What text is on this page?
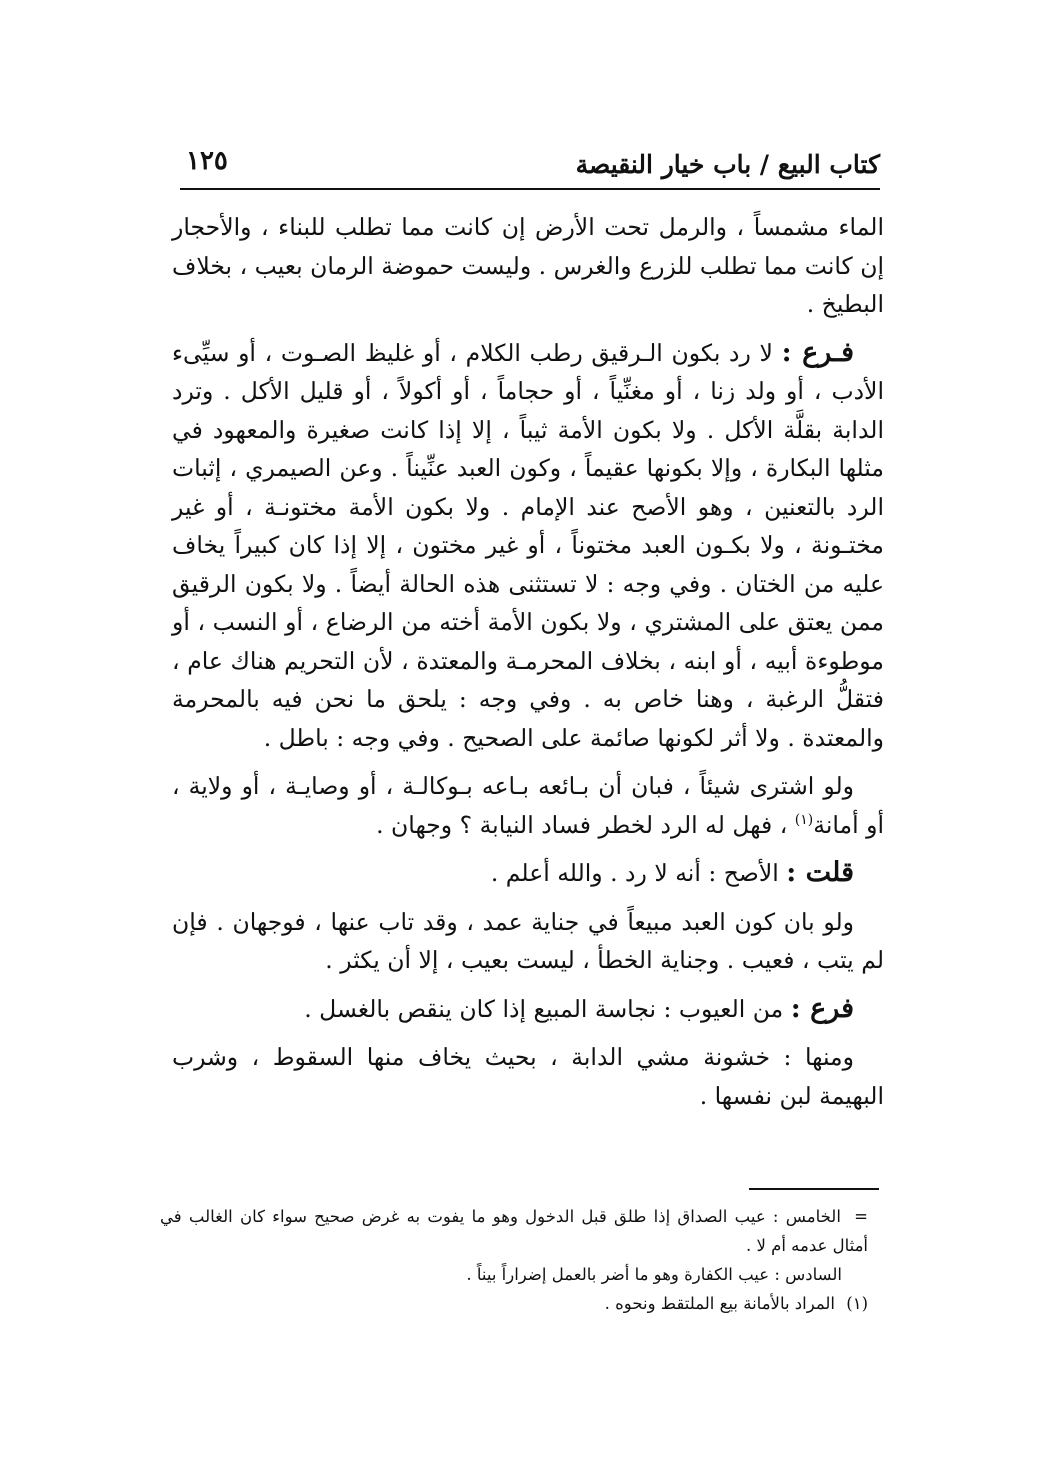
كتاب البيع / باب خيار النقيصة
١٢٥

الماء مشمساً ، والرمل تحت الأرض إن كانت مما تطلب للبناء ، والأحجار إن كانت مما تطلب للزرع والغرس . وليست حموضة الرمان بعيب ، بخلاف البطيخ .

فـرع : لا رد بكون الـرقيق رطب الكلام ، أو غليظ الصـوت ، أو سيِّىء الأدب ، أو ولد زنا ، أو مغنِّياً ، أو حجاماً ، أو أكولاً ، أو قليل الأكل . وترد الدابة بقلَّة الأكل . ولا بكون الأمة ثيباً ، إلا إذا كانت صغيرة والمعهود في مثلها البكارة ، وإلا بكونها عقيماً ، وكون العبد عنِّيناً . وعن الصيمري ، إثبات الرد بالتعنين ، وهو الأصح عند الإمام . ولا بكون الأمة مختونـة ، أو غير مختـونة ، ولا بكـون العبد مختوناً ، أو غير مختون ، إلا إذا كان كبيراً يخاف عليه من الختان . وفي وجه : لا تستثنى هذه الحالة أيضاً . ولا بكون الرقيق ممن يعتق على المشتري ، ولا بكون الأمة أخته من الرضاع ، أو النسب ، أو موطوءة أبيه ، أو ابنه ، بخلاف المحرمـة والمعتدة ، لأن التحريم هناك عام ، فتقلُّ الرغبة ، وهنا خاص به . وفي وجه : يلحق ما نحن فيه بالمحرمة والمعتدة . ولا أثر لكونها صائمة على الصحيح . وفي وجه : باطل .

ولو اشترى شيئاً ، فبان أن بـائعه بـاعه بـوكالـة ، أو وصايـة ، أو ولاية ، أو أمانة$^{(١)}$ ، فهل له الرد لخطر فساد النيابة ؟ وجهان .

قلت : الأصح : أنه لا رد . والله أعلم .

ولو بان كون العبد مبيعاً في جناية عمد ، وقد تاب عنها ، فوجهان . فإن لم يتب ، فعيب . وجناية الخطأ ، ليست بعيب ، إلا أن يكثر .

فرع : من العيوب : نجاسة المبيع إذا كان ينقص بالغسل .

ومنها : خشونة مشي الدابة ، بحيث يخاف منها السقوط ، وشرب البهيمة لبن نفسها .

= الخامس : عيب الصداق إذا طلق قبل الدخول وهو ما يفوت به غرض صحيح سواء كان الغالب في أمثال عدمه أم لا .

السادس : عيب الكفارة وهو ما أضر بالعمل إضراراً بيناً .

(١) المراد بالأمانة بيع الملتقط ونحوه .
